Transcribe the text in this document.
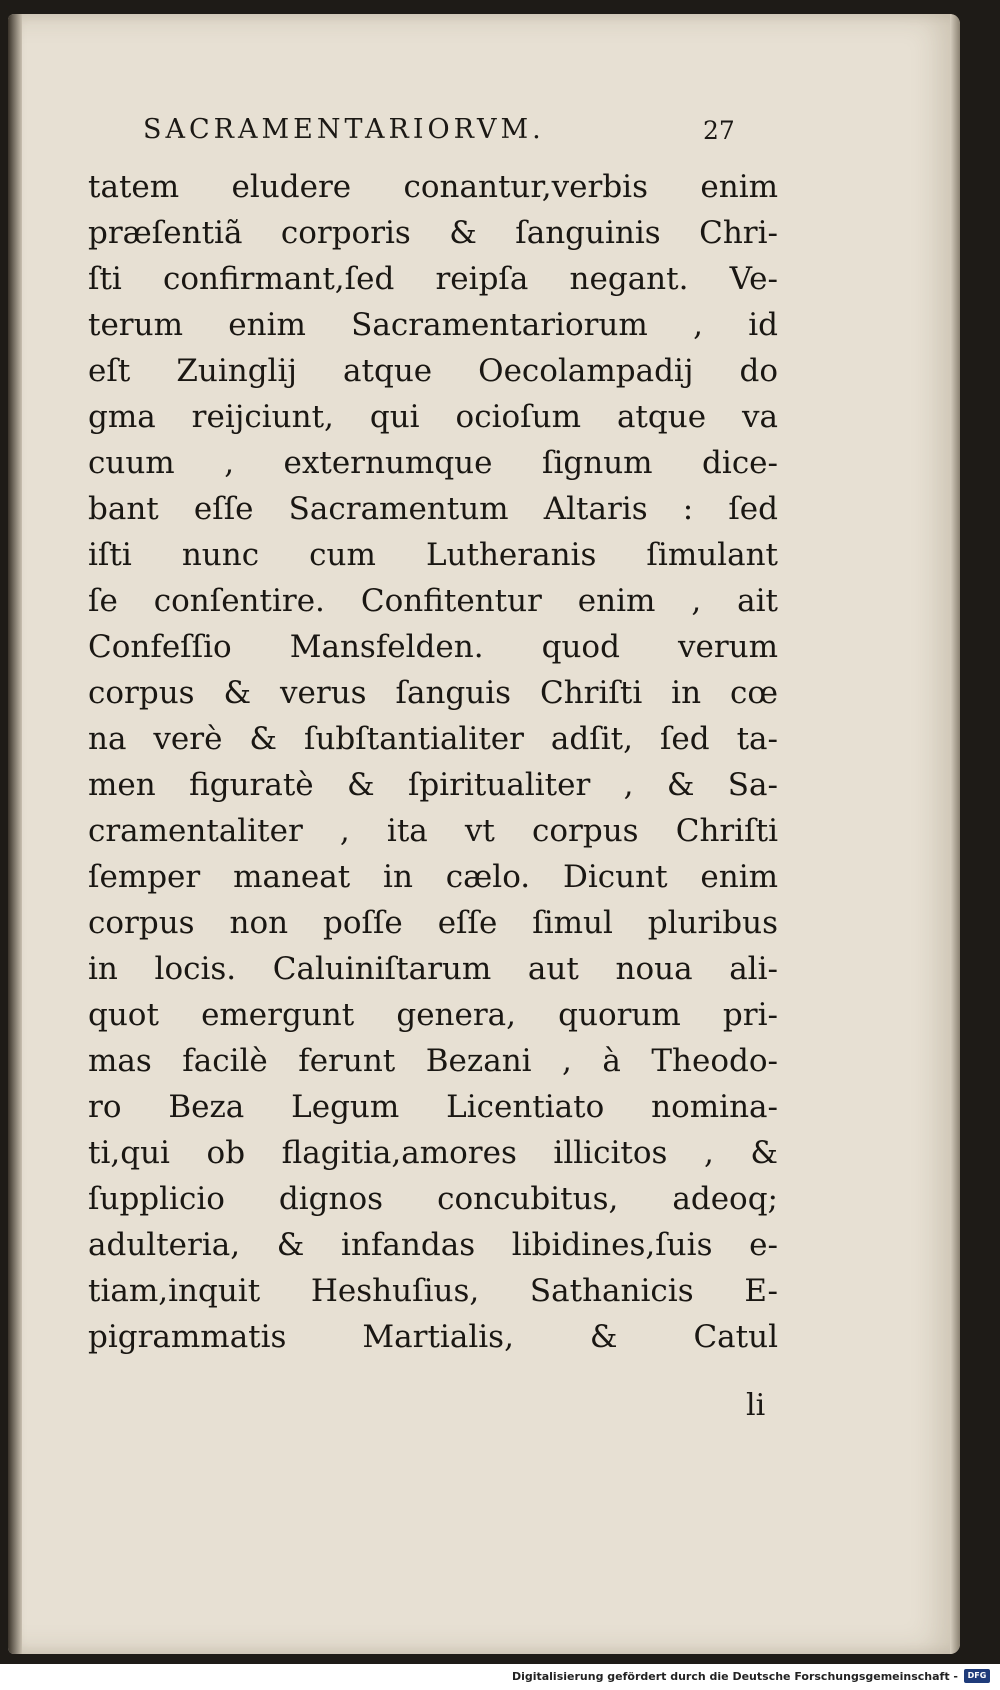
SACRAMENTARIORVM.	27
tatem eludere conantur,verbis enim
præſentiã corporis & ſanguinis Chri-
ſti confirmant,ſed reipſa negant. Ve-
terum enim Sacramentariorum , id
eſt Zuinglij atque Oecolampadij do
gma reijciunt, qui ocioſum atque va
cuum , externumque ſignum dice-
bant eſſe Sacramentum Altaris : ſed
iſti nunc cum Lutheranis ſimulant
ſe conſentire. Confitentur enim , ait
Confeſſio Mansfelden. quod verum
corpus & verus ſanguis Chriſti in cœ
na verè & ſubſtantialiter adſit, ſed ta-
men figuratè & ſpiritualiter , & Sa-
cramentaliter , ita vt corpus Chriſti
ſemper maneat in cælo. Dicunt enim
corpus non poſſe eſſe ſimul pluribus
in locis. Caluiniſtarum aut noua ali-
quot emergunt genera, quorum pri-
mas facilè ferunt Bezani , à Theodo-
ro Beza Legum Licentiato nomina-
ti,qui ob flagitia,amores illicitos , &
ſupplicio dignos concubitus, adeoq;
adulteria, & infandas libidines,ſuis e-
tiam,inquit Heshuſius, Sathanicis E-
pigrammatis Martialis, & Catul
li
Digitalisierung gefördert durch die Deutsche Forschungsgemeinschaft -	DFG
